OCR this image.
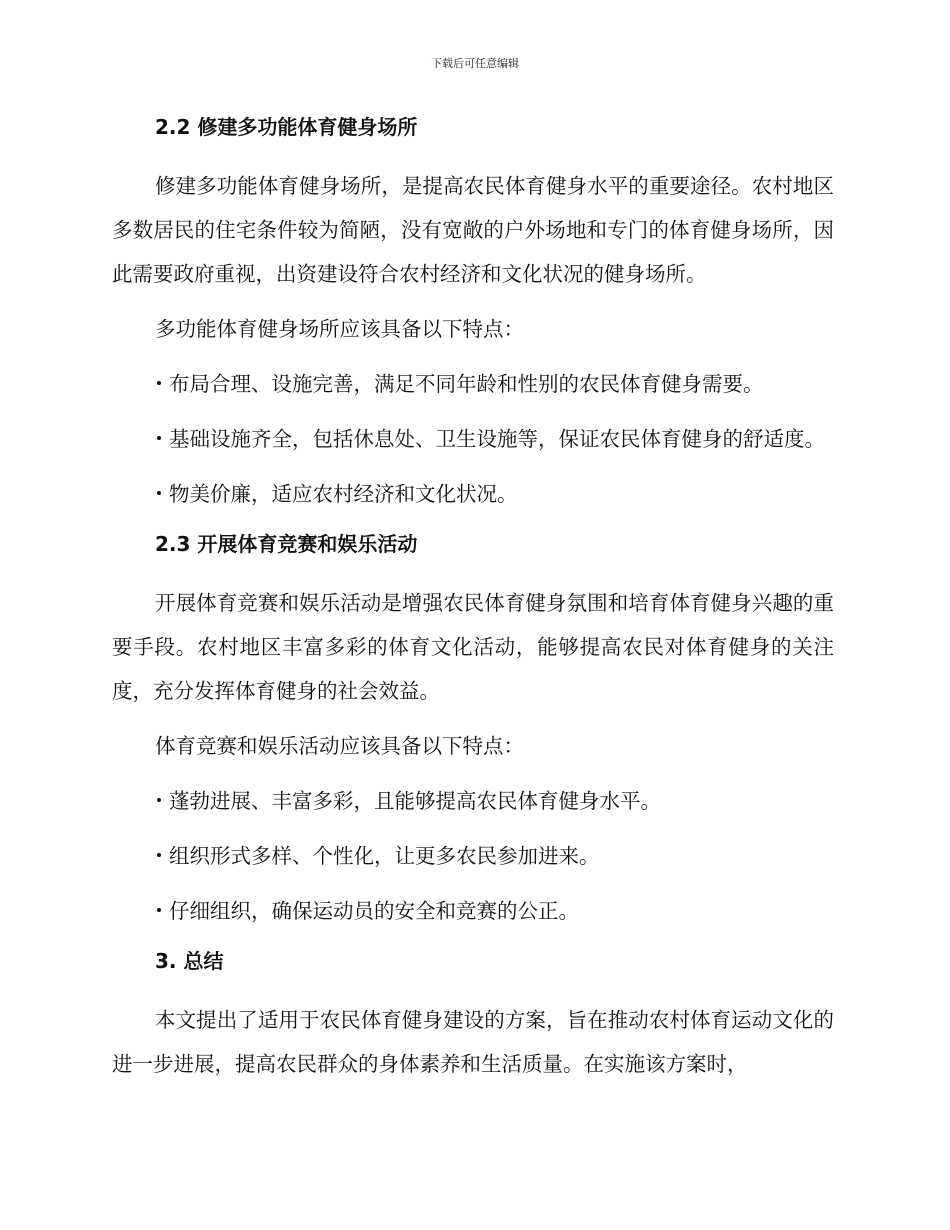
下载后可任意编辑
2.2 修建多功能体育健身场所

修建多功能体育健身场所，是提高农民体育健身水平的重要途径。农村地区多数居民的住宅条件较为简陋，没有宽敞的户外场地和专门的体育健身场所，因此需要政府重视，出资建设符合农村经济和文化状况的健身场所。

多功能体育健身场所应该具备以下特点：

布局合理、设施完善，满足不同年龄和性别的农民体育健身需要。

基础设施齐全，包括休息处、卫生设施等，保证农民体育健身的舒适度。

物美价廉，适应农村经济和文化状况。

2.3 开展体育竞赛和娱乐活动

开展体育竞赛和娱乐活动是增强农民体育健身氛围和培育体育健身兴趣的重要手段。农村地区丰富多彩的体育文化活动，能够提高农民对体育健身的关注度，充分发挥体育健身的社会效益。

体育竞赛和娱乐活动应该具备以下特点：

蓬勃进展、丰富多彩，且能够提高农民体育健身水平。

组织形式多样、个性化，让更多农民参加进来。

仔细组织，确保运动员的安全和竞赛的公正。

3. 总结

本文提出了适用于农民体育健身建设的方案，旨在推动农村体育运动文化的进一步进展，提高农民群众的身体素养和生活质量。在实施该方案时，
